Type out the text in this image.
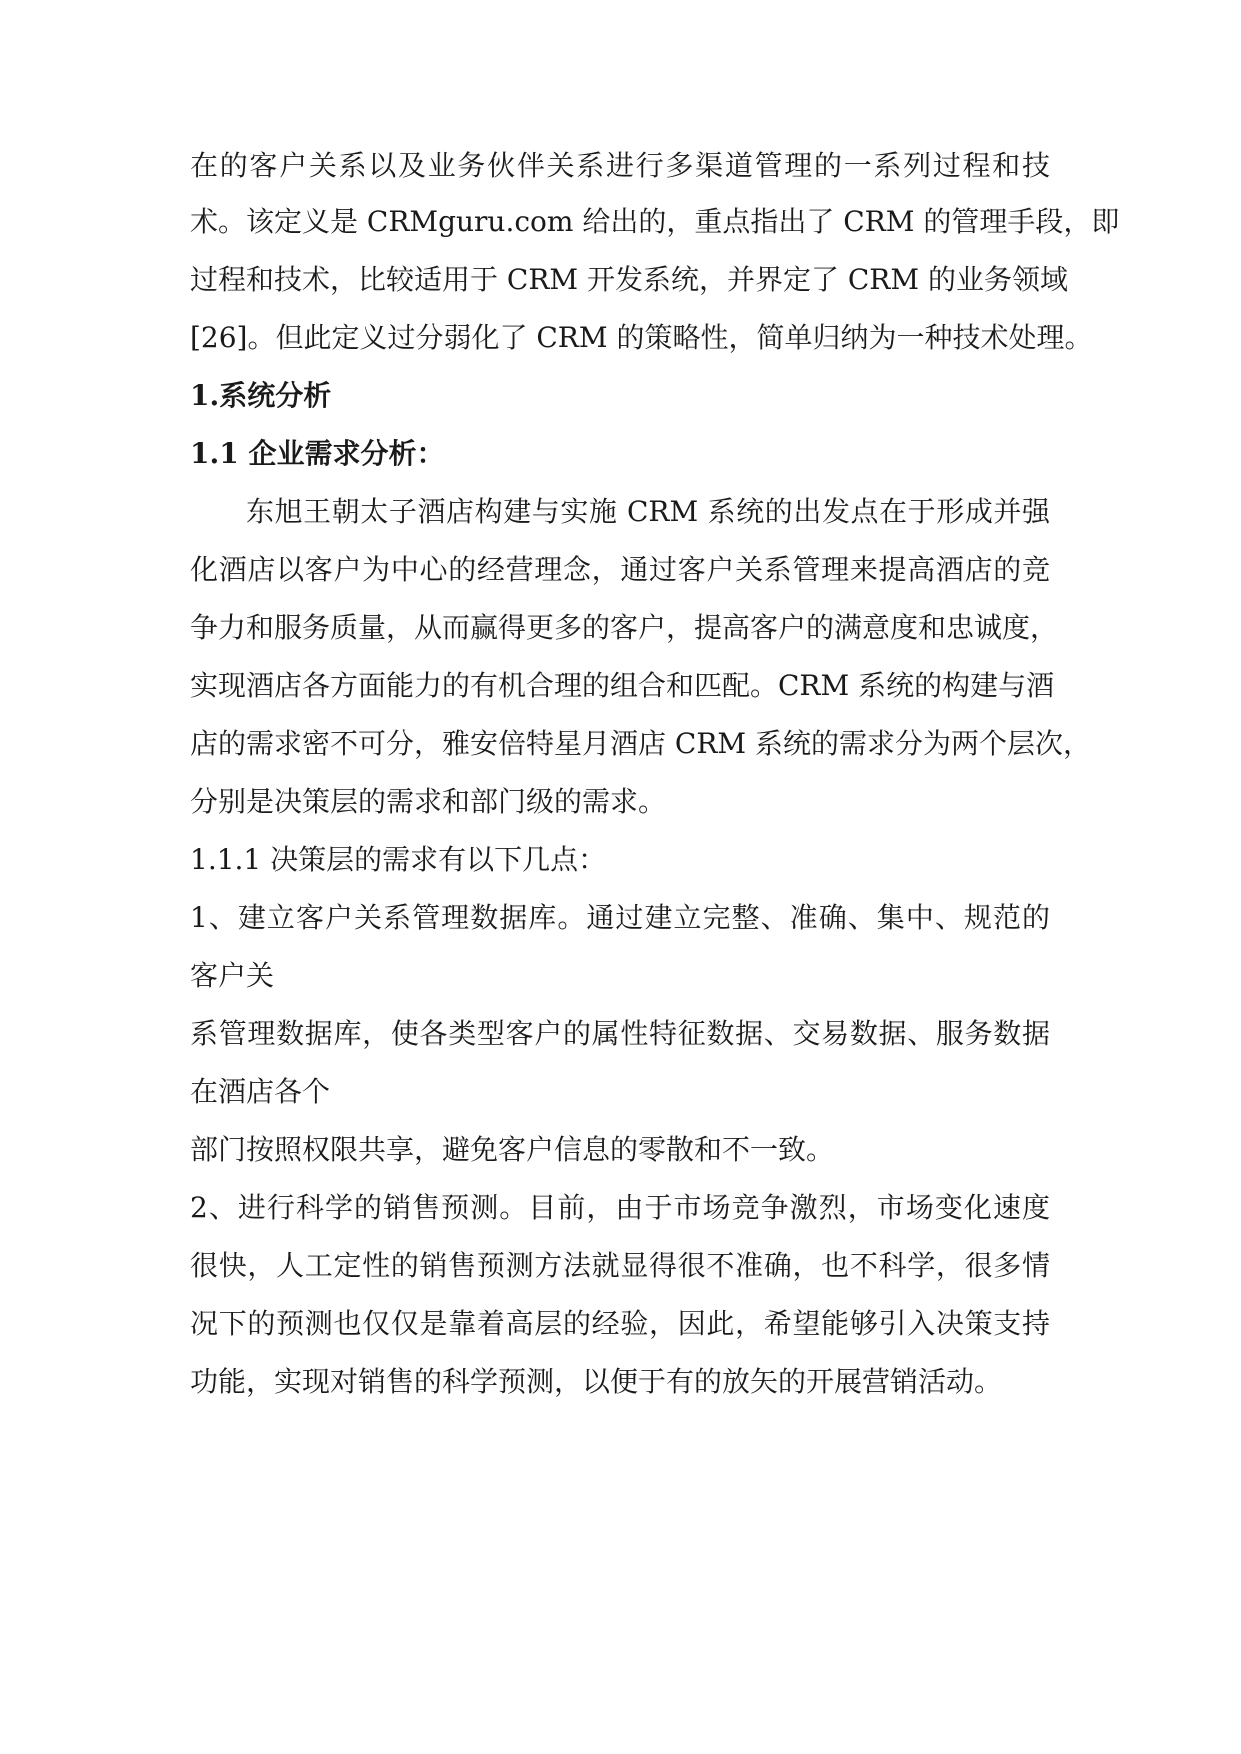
在的客户关系以及业务伙伴关系进行多渠道管理的一系列过程和技
术。该定义是 CRMguru.com 给出的，重点指出了 CRM 的管理手段，即
过程和技术，比较适用于 CRM 开发系统，并界定了 CRM 的业务领域
[26]。但此定义过分弱化了 CRM 的策略性，简单归纳为一种技术处理。
1.系统分析
1.1 企业需求分析：
东旭王朝太子酒店构建与实施 CRM 系统的出发点在于形成并强
化酒店以客户为中心的经营理念，通过客户关系管理来提高酒店的竞
争力和服务质量，从而赢得更多的客户，提高客户的满意度和忠诚度，
实现酒店各方面能力的有机合理的组合和匹配。CRM 系统的构建与酒
店的需求密不可分，雅安倍特星月酒店 CRM 系统的需求分为两个层次，
分别是决策层的需求和部门级的需求。
1.1.1 决策层的需求有以下几点：
1、建立客户关系管理数据库。通过建立完整、准确、集中、规范的
客户关
系管理数据库，使各类型客户的属性特征数据、交易数据、服务数据
在酒店各个
部门按照权限共享，避免客户信息的零散和不一致。
2、进行科学的销售预测。目前，由于市场竞争激烈，市场变化速度
很快，人工定性的销售预测方法就显得很不准确，也不科学，很多情
况下的预测也仅仅是靠着高层的经验，因此，希望能够引入决策支持
功能，实现对销售的科学预测，以便于有的放矢的开展营销活动。
